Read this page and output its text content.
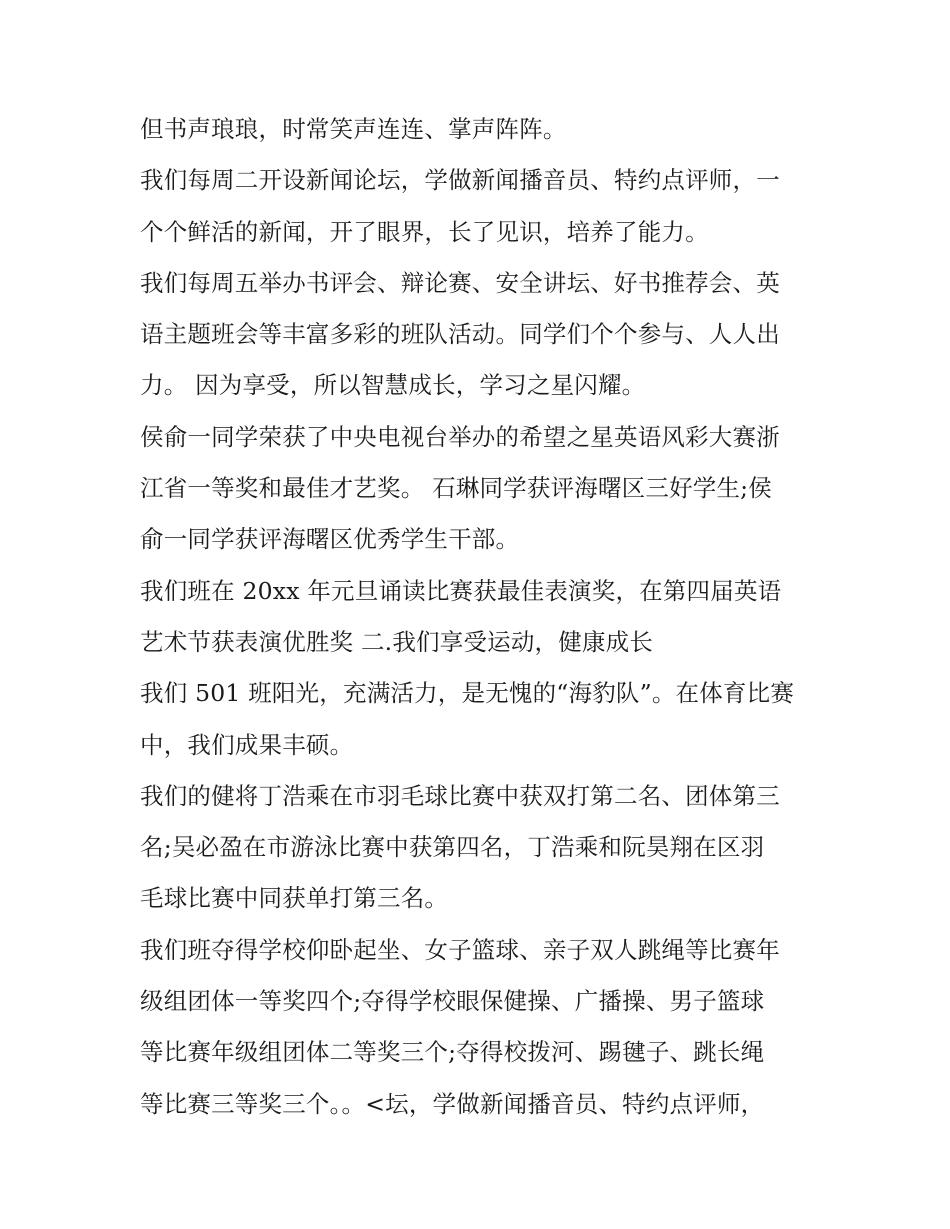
但书声琅琅，时常笑声连连、掌声阵阵。
我们每周二开设新闻论坛，学做新闻播音员、特约点评师，一
个个鲜活的新闻，开了眼界，长了见识，培养了能力。
我们每周五举办书评会、辩论赛、安全讲坛、好书推荐会、英
语主题班会等丰富多彩的班队活动。同学们个个参与、人人出
力。 因为享受，所以智慧成长，学习之星闪耀。
侯俞一同学荣获了中央电视台举办的希望之星英语风彩大赛浙
江省一等奖和最佳才艺奖。 石琳同学获评海曙区三好学生;侯
俞一同学获评海曙区优秀学生干部。
我们班在 20xx 年元旦诵读比赛获最佳表演奖，在第四届英语
艺术节获表演优胜奖 二.我们享受运动，健康成长
我们 501 班阳光，充满活力，是无愧的“海豹队”。在体育比赛
中，我们成果丰硕。
我们的健将丁浩乘在市羽毛球比赛中获双打第二名、团体第三
名;吴必盈在市游泳比赛中获第四名，丁浩乘和阮昊翔在区羽
毛球比赛中同获单打第三名。
我们班夺得学校仰卧起坐、女子篮球、亲子双人跳绳等比赛年
级组团体一等奖四个;夺得学校眼保健操、广播操、男子篮球
等比赛年级组团体二等奖三个;夺得校拨河、踢毽子、跳长绳
等比赛三等奖三个。。<坛，学做新闻播音员、特约点评师，
